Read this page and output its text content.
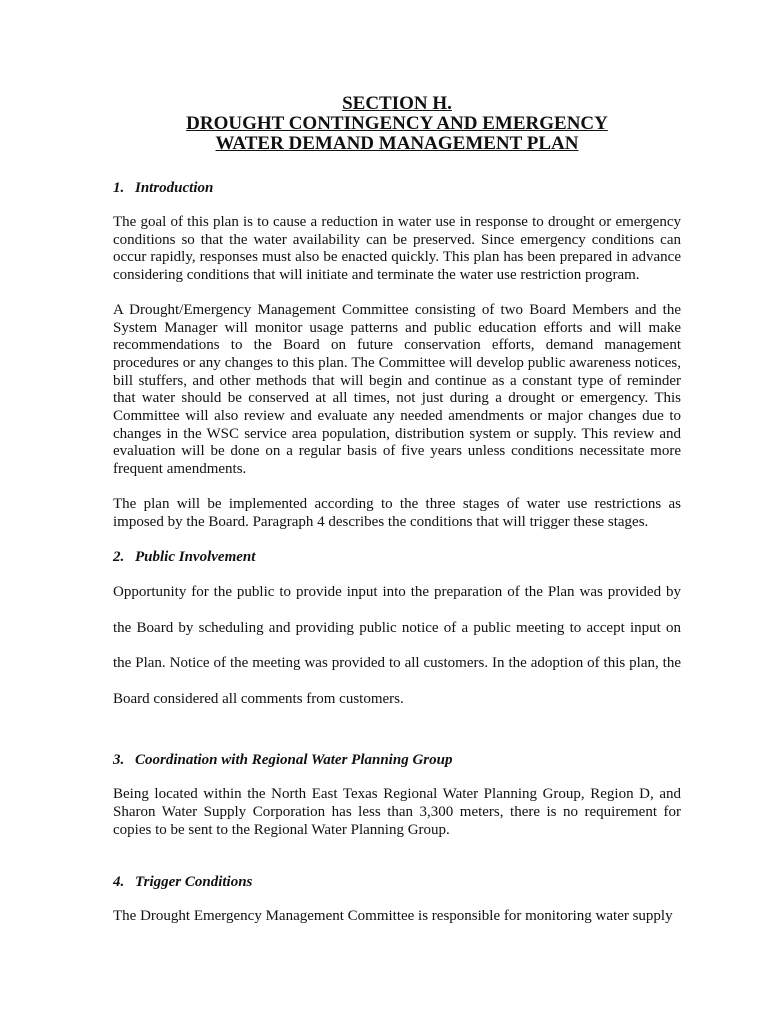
SECTION H.
DROUGHT CONTINGENCY AND EMERGENCY
WATER DEMAND MANAGEMENT PLAN

1. Introduction

The goal of this plan is to cause a reduction in water use in response to drought or emergency conditions so that the water availability can be preserved. Since emergency conditions can occur rapidly, responses must also be enacted quickly. This plan has been prepared in advance considering conditions that will initiate and terminate the water use restriction program.

A Drought/Emergency Management Committee consisting of two Board Members and the System Manager will monitor usage patterns and public education efforts and will make recommendations to the Board on future conservation efforts, demand management procedures or any changes to this plan. The Committee will develop public awareness notices, bill stuffers, and other methods that will begin and continue as a constant type of reminder that water should be conserved at all times, not just during a drought or emergency. This Committee will also review and evaluate any needed amendments or major changes due to changes in the WSC service area population, distribution system or supply. This review and evaluation will be done on a regular basis of five years unless conditions necessitate more frequent amendments.

The plan will be implemented according to the three stages of water use restrictions as imposed by the Board. Paragraph 4 describes the conditions that will trigger these stages.

2. Public Involvement

Opportunity for the public to provide input into the preparation of the Plan was provided by the Board by scheduling and providing public notice of a public meeting to accept input on the Plan. Notice of the meeting was provided to all customers. In the adoption of this plan, the Board considered all comments from customers.

3. Coordination with Regional Water Planning Group

Being located within the North East Texas Regional Water Planning Group, Region D, and Sharon Water Supply Corporation has less than 3,300 meters, there is no requirement for copies to be sent to the Regional Water Planning Group.

4. Trigger Conditions

The Drought Emergency Management Committee is responsible for monitoring water supply
